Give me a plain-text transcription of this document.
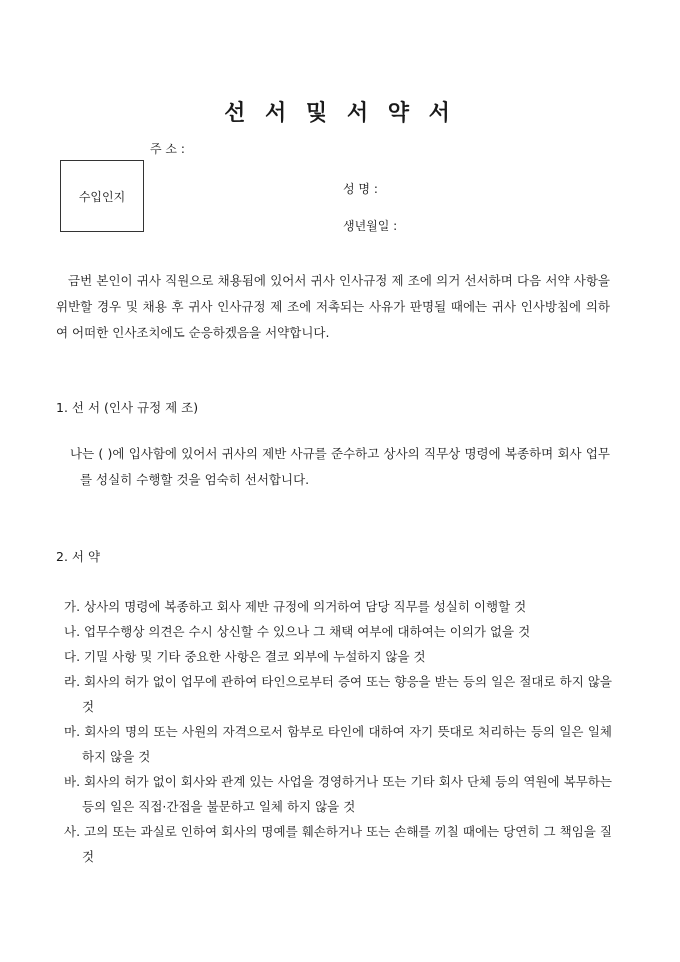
선 서 및 서 약 서
주 소 :
수입인지
성 명 :
생년월일 :
금번 본인이 귀사 직원으로 채용됨에 있어서 귀사 인사규정 제 조에 의거 선서하며 다음 서약 사항을 위반할 경우 및 채용 후 귀사 인사규정 제 조에 저촉되는 사유가 판명될 때에는 귀사 인사방침에 의하여 어떠한 인사조치에도 순응하겠음을 서약합니다.
1. 선 서 (인사 규정 제 조)
나는 ( )에 입사함에 있어서 귀사의 제반 사규를 준수하고 상사의 직무상 명령에 복종하며 회사 업무를 성실히 수행할 것을 엄숙히 선서합니다.
2. 서 약
가. 상사의 명령에 복종하고 회사 제반 규정에 의거하여 담당 직무를 성실히 이행할 것
나. 업무수행상 의견은 수시 상신할 수 있으나 그 채택 여부에 대하여는 이의가 없을 것
다. 기밀 사항 및 기타 중요한 사항은 결코 외부에 누설하지 않을 것
라. 회사의 허가 없이 업무에 관하여 타인으로부터 증여 또는 향응을 받는 등의 일은 절대로 하지 않을 것
마. 회사의 명의 또는 사원의 자격으로서 함부로 타인에 대하여 자기 뜻대로 처리하는 등의 일은 일체 하지 않을 것
바. 회사의 허가 없이 회사와 관계 있는 사업을 경영하거나 또는 기타 회사 단체 등의 역원에 복무하는 등의 일은 직접·간접을 불문하고 일체 하지 않을 것
사. 고의 또는 과실로 인하여 회사의 명예를 훼손하거나 또는 손해를 끼칠 때에는 당연히 그 책임을 질 것
